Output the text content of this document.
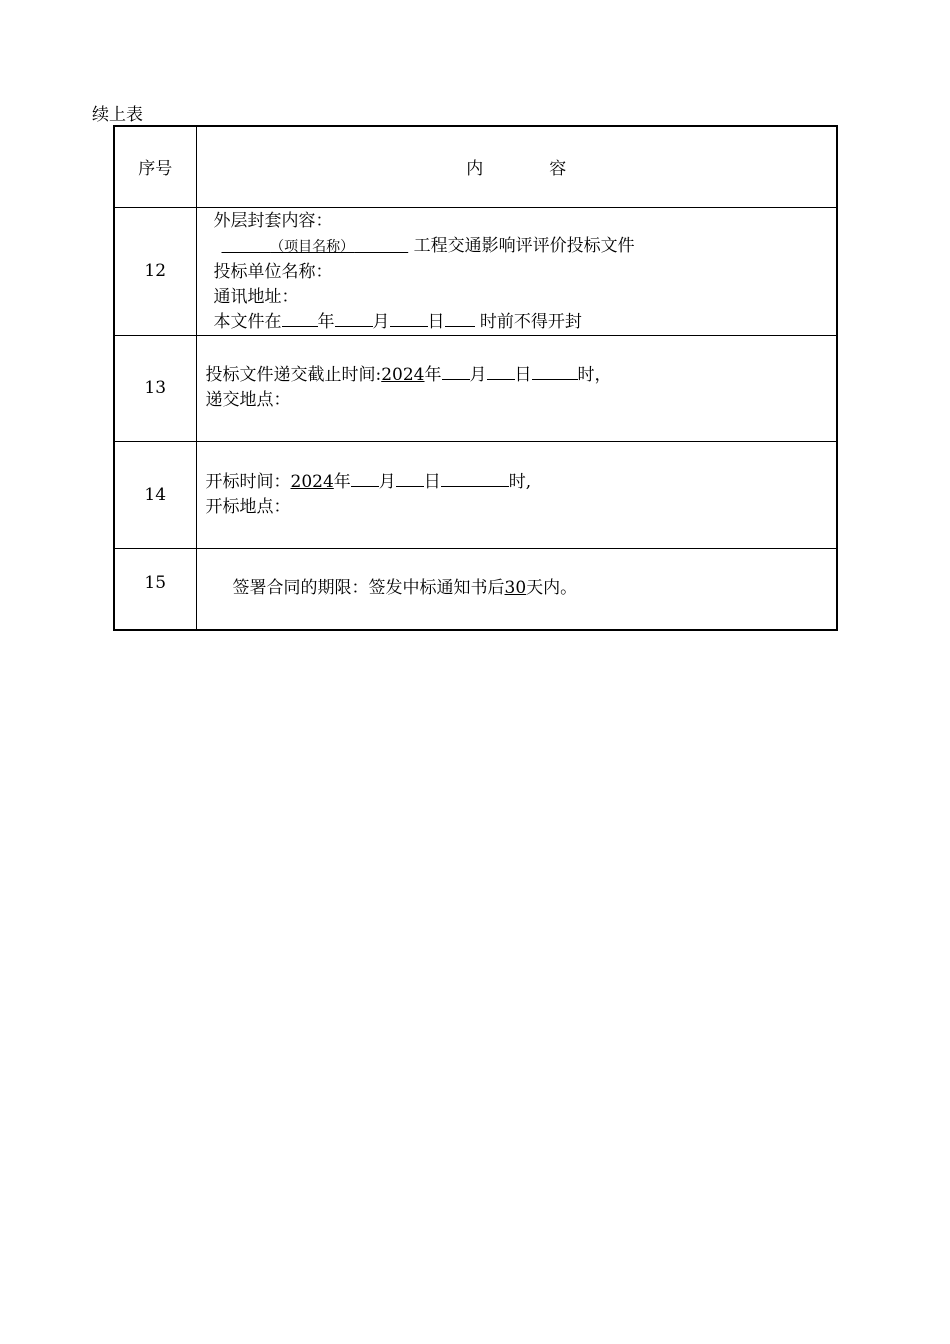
续上表
序号	内 容
12	外层封套内容：
（项目名称） 工程交通影响评评价投标文件
投标单位名称：
通讯地址：
本文件在 年 月 日 时前不得开封

13	投标文件递交截止时间:2024年 月 日 时，
递交地点：

14	开标时间：2024年 月 日 时,
开标地点：

15	签署合同的期限：签发中标通知书后30天内。
